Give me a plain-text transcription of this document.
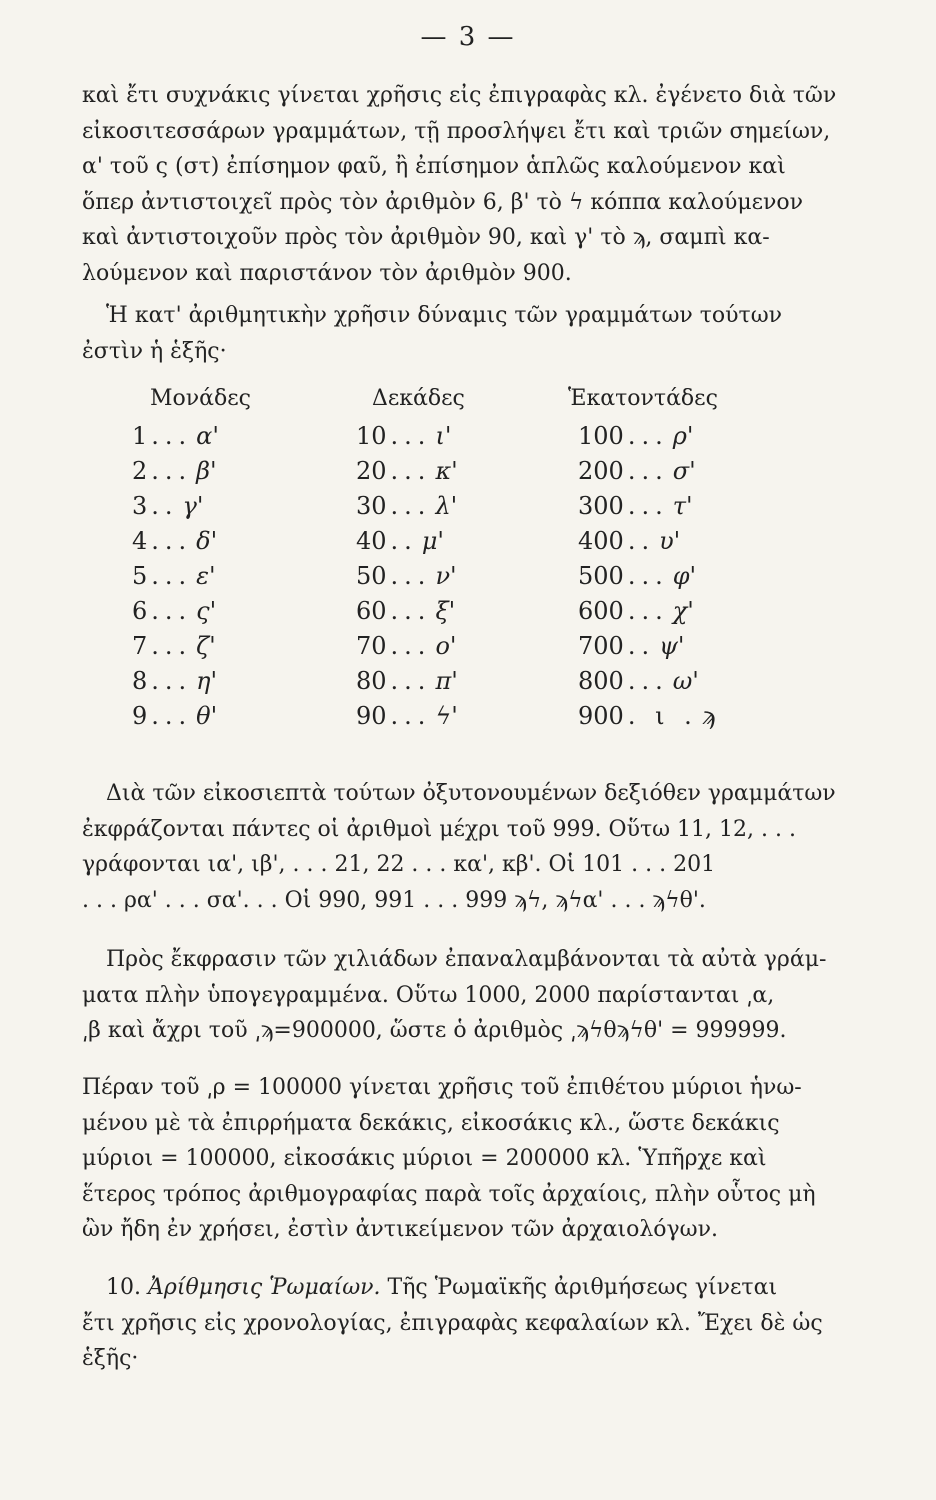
— 3 —
καὶ ἔτι συχνάκις γίνεται χρῆσις εἰς ἐπιγραφὰς κλ. ἐγένετο διὰ τῶν
εἰκοσιτεσσάρων γραμμάτων, τῇ προσλήψει ἔτι καὶ τριῶν σημείων,
α' τοῦ ς (στ) ἐπίσημον φαῦ, ἢ ἐπίσημον ἁπλῶς καλούμενον καὶ
ὅπερ ἀντιστοιχεῖ πρὸς τὸν ἀριθμὸν 6, β' τὸ ϟ κόππα καλούμενον
καὶ ἀντιστοιχοῦν πρὸς τὸν ἀριθμὸν 90, καὶ γ' τὸ ϡ, σαμπὶ κα-
λούμενον καὶ παριστάνον τὸν ἀριθμὸν 900.
Ἡ κατ' ἀριθμητικὴν χρῆσιν δύναμις τῶν γραμμάτων τούτων
ἐστὶν ἡ ἑξῆς·
Μονάδες	Δεκάδες	Ἑκατοντάδες
1 ... α'	10 ... ι'	100 ... ρ'
2 ... β'	20 ... κ'	200 ... σ'
3 .. γ'	30 ... λ'	300 ... τ'
4 ... δ'	40 .. μ'	400 .. υ'
5 ... ε'	50 ... ν'	500 ... φ'
6 ... ς'	60 ... ξ'	600 ... χ'
7 ... ζ'	70 ... ο'	700 .. ψ'
8 ... η'	80 ... π'	800 ... ω'
9 ... θ'	90 ... ϟ'	900 . ι . ϡ
Διὰ τῶν εἰκοσιεπτὰ τούτων ὀξυτονουμένων δεξιόθεν γραμμάτων
ἐκφράζονται πάντες οἱ ἀριθμοὶ μέχρι τοῦ 999. Οὕτω 11, 12, . . .
γράφονται ια', ιβ', . . . 21, 22 . . . κα', κβ'. Οἱ 101 . . . 201
. . . ρα' . . . σα'. . . Οἱ 990, 991 . . . 999 ϡϟ, ϡϟα' . . . ϡϟθ'.
Πρὸς ἔκφρασιν τῶν χιλιάδων ἐπαναλαμβάνονται τὰ αὐτὰ γράμ-
ματα πλὴν ὑπογεγραμμένα. Οὕτω 1000, 2000 παρίστανται ͵α,
͵β καὶ ἄχρι τοῦ ͵ϡ=900000, ὥστε ὁ ἀριθμὸς ͵ϡϟθϡϟθ' = 999999.
Πέραν τοῦ ͵ρ = 100000 γίνεται χρῆσις τοῦ ἐπιθέτου μύριοι ἡνω-
μένου μὲ τὰ ἐπιρρήματα δεκάκις, εἰκοσάκις κλ., ὥστε δεκάκις
μύριοι = 100000, εἰκοσάκις μύριοι = 200000 κλ. Ὑπῆρχε καὶ
ἕτερος τρόπος ἀριθμογραφίας παρὰ τοῖς ἀρχαίοις, πλὴν οὗτος μὴ
ὢν ἤδη ἐν χρήσει, ἐστὶν ἀντικείμενον τῶν ἀρχαιολόγων.
10. Ἀρίθμησις Ῥωμαίων. Τῆς Ῥωμαϊκῆς ἀριθμήσεως γίνεται
ἔτι χρῆσις εἰς χρονολογίας, ἐπιγραφὰς κεφαλαίων κλ. Ἔχει δὲ ὡς
ἑξῆς·
